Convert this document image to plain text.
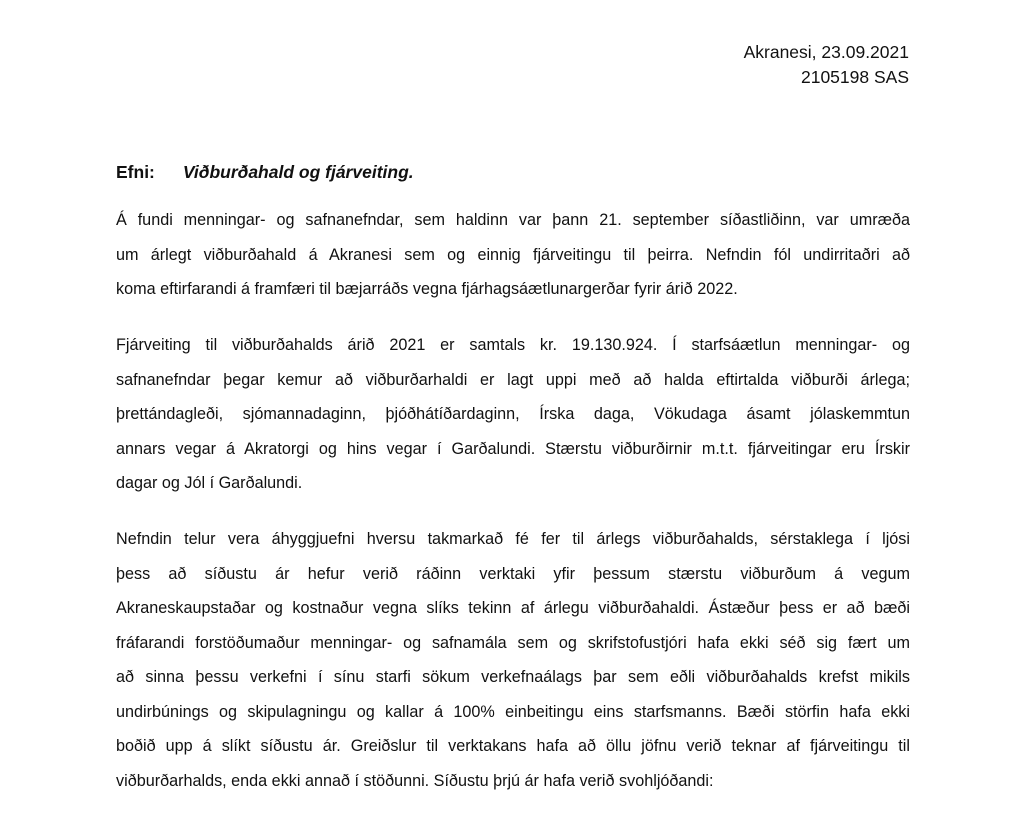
Akranesi, 23.09.2021
2105198 SAS
Efni: Viðburðahald og fjárveiting.
Á fundi menningar- og safnanefndar, sem haldinn var þann 21. september síðastliðinn, var umræða
um árlegt viðburðahald á Akranesi sem og einnig fjárveitingu til þeirra. Nefndin fól undirritaðri að
koma eftirfarandi á framfæri til bæjarráðs vegna fjárhagsáætlunargerðar fyrir árið 2022.
Fjárveiting til viðburðahalds árið 2021 er samtals kr. 19.130.924. Í starfsáætlun menningar- og
safnanefndar þegar kemur að viðburðarhaldi er lagt uppi með að halda eftirtalda viðburði árlega;
þrettándagleði, sjómannadaginn, þjóðhátíðardaginn, Írska daga, Vökudaga ásamt jólaskemmtun
annars vegar á Akratorgi og hins vegar í Garðalundi. Stærstu viðburðirnir m.t.t. fjárveitingar eru Írskir
dagar og Jól í Garðalundi.
Nefndin telur vera áhyggjuefni hversu takmarkað fé fer til árlegs viðburðahalds, sérstaklega í ljósi
þess að síðustu ár hefur verið ráðinn verktaki yfir þessum stærstu viðburðum á vegum
Akraneskaupstaðar og kostnaður vegna slíks tekinn af árlegu viðburðahaldi. Ástæður þess er að bæði
fráfarandi forstöðumaður menningar- og safnamála sem og skrifstofustjóri hafa ekki séð sig fært um
að sinna þessu verkefni í sínu starfi sökum verkefnaálags þar sem eðli viðburðahalds krefst mikils
undirbúnings og skipulagningu og kallar á 100% einbeitingu eins starfsmanns. Bæði störfin hafa ekki
boðið upp á slíkt síðustu ár. Greiðslur til verktakans hafa að öllu jöfnu verið teknar af fjárveitingu til
viðburðarhalds, enda ekki annað í stöðunni. Síðustu þrjú ár hafa verið svohljóðandi:
